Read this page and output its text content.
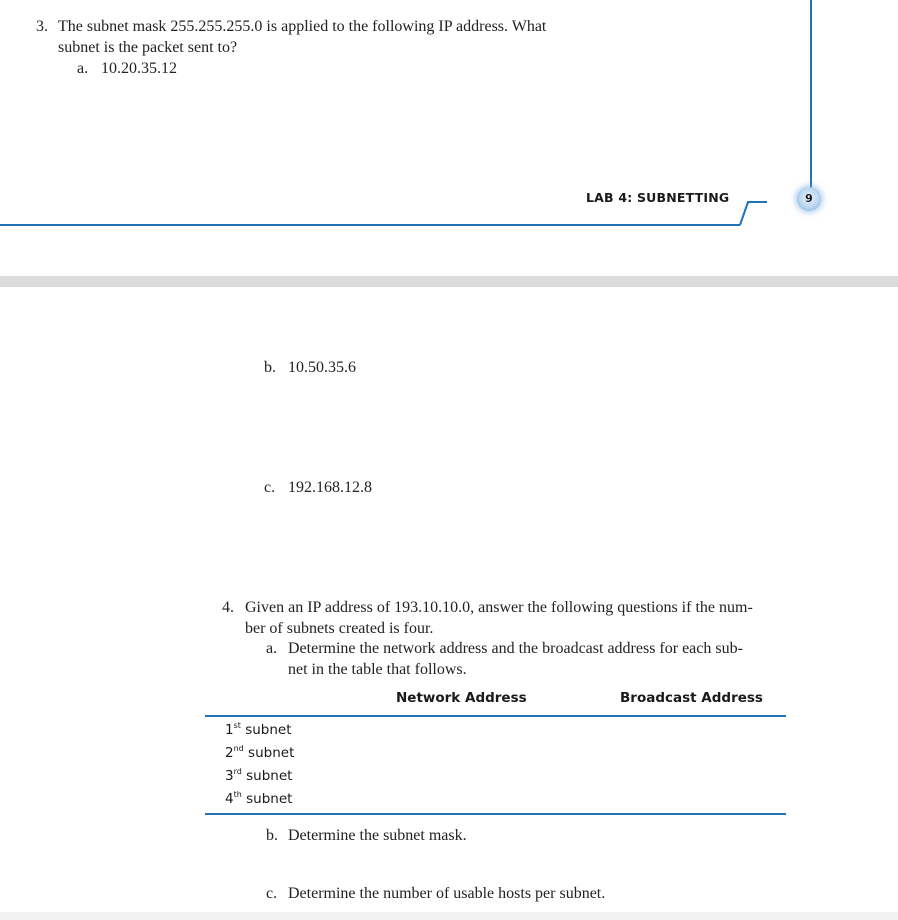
3. The subnet mask 255.255.255.0 is applied to the following IP address. What
subnet is the packet sent to?
a. 10.20.35.12
LAB 4: SUBNETTING	9
b. 10.50.35.6
c. 192.168.12.8
4. Given an IP address of 193.10.10.0, answer the following questions if the num-
ber of subnets created is four.
a. Determine the network address and the broadcast address for each sub-
net in the table that follows.
Network Address	Broadcast Address
1st subnet
2nd subnet
3rd subnet
4th subnet
b. Determine the subnet mask.
c. Determine the number of usable hosts per subnet.
